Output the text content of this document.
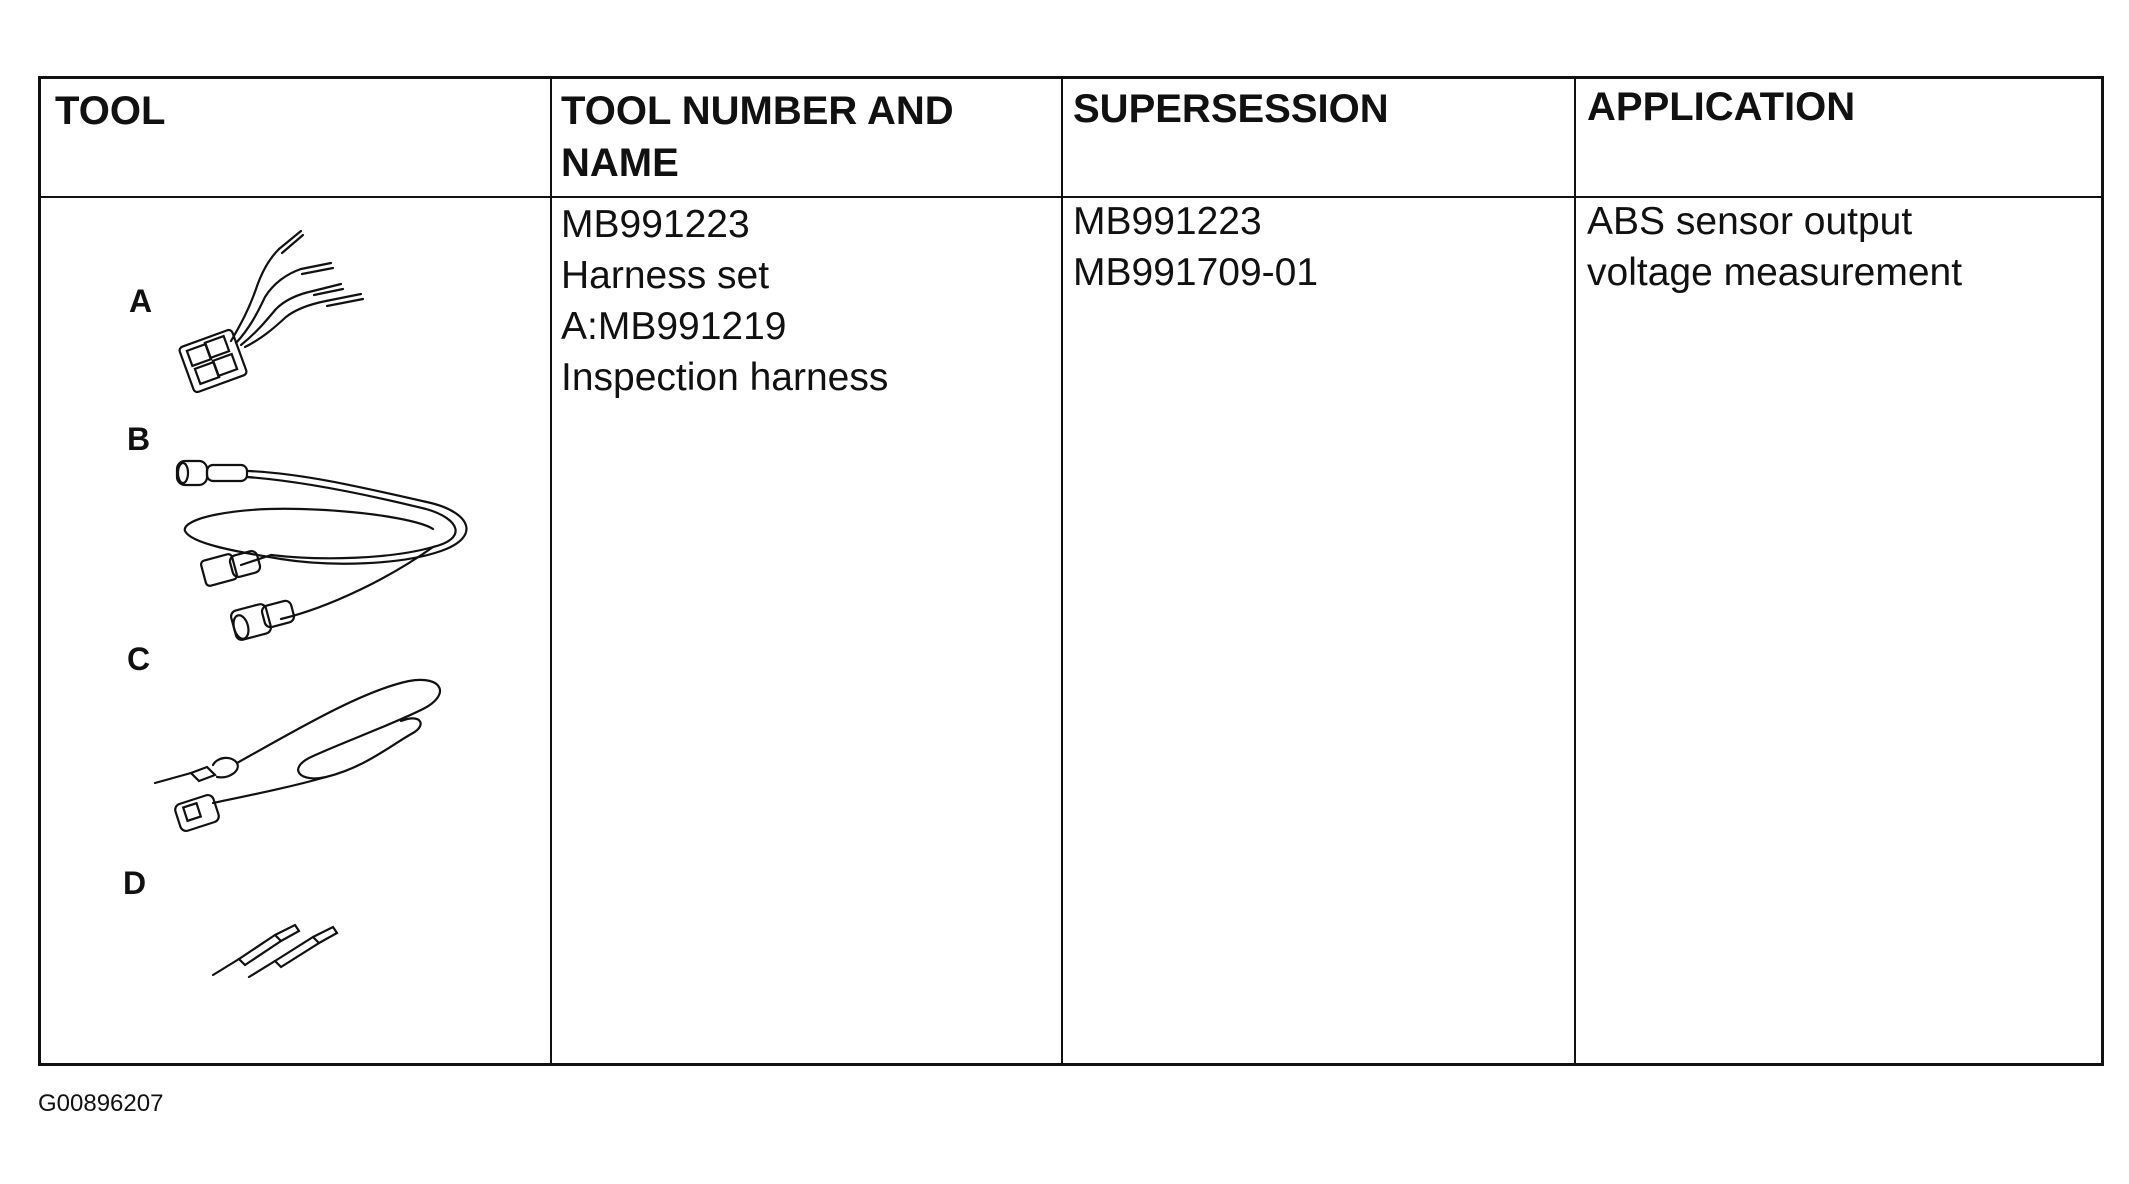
TOOL	TOOL NUMBER AND
NAME
SUPERSESSION	APPLICATION
MB991223
Harness set
A:MB991219
Inspection harness
MB991223
MB991709-01
ABS sensor output
voltage measurement
A
B
C
D
G00896207
